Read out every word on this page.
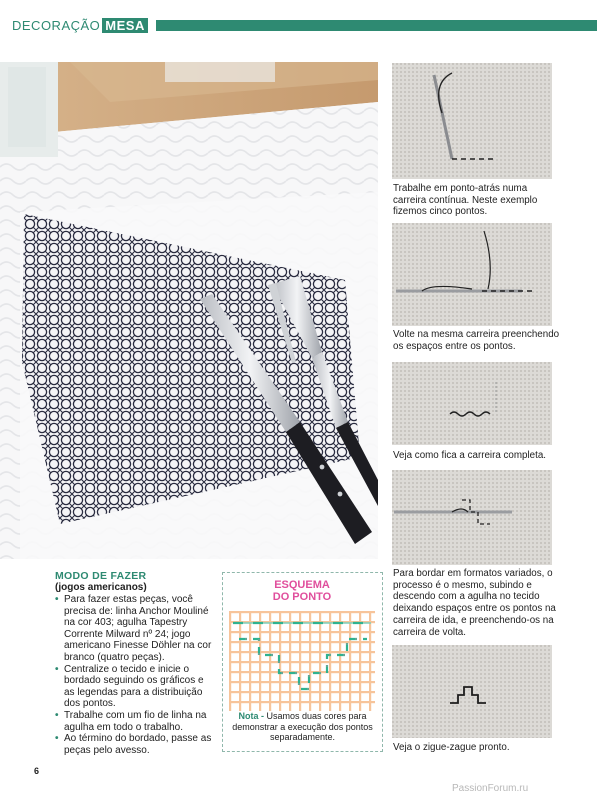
DECORAÇÃO MESA
Trabalhe em ponto-atrás numa carreira contínua. Neste exemplo fizemos cinco pontos.
Volte na mesma carreira preenchendo os espaços entre os pontos.
Veja como fica a carreira completa.
Para bordar em formatos variados, o processo é o mesmo, subindo e descendo com a agulha no tecido deixando espaços entre os pontos na carreira de ida, e preenchendo-os na carreira de volta.
Veja o zigue-zague pronto.
MODO DE FAZER
(jogos americanos)
• Para fazer estas peças, você precisa de: linha Anchor Mouliné na cor 403; agulha Tapestry Corrente Milward nº 24; jogo americano Finesse Döhler na cor branco (quatro peças).
• Centralize o tecido e inicie o bordado seguindo os gráficos e as legendas para a distribuição dos pontos.
• Trabalhe com um fio de linha na agulha em todo o trabalho.
• Ao término do bordado, passe as peças pelo avesso.
ESQUEMA
DO PONTO
Nota - Usamos duas cores para demonstrar a execução dos pontos separadamente.
6
PassionForum.ru
